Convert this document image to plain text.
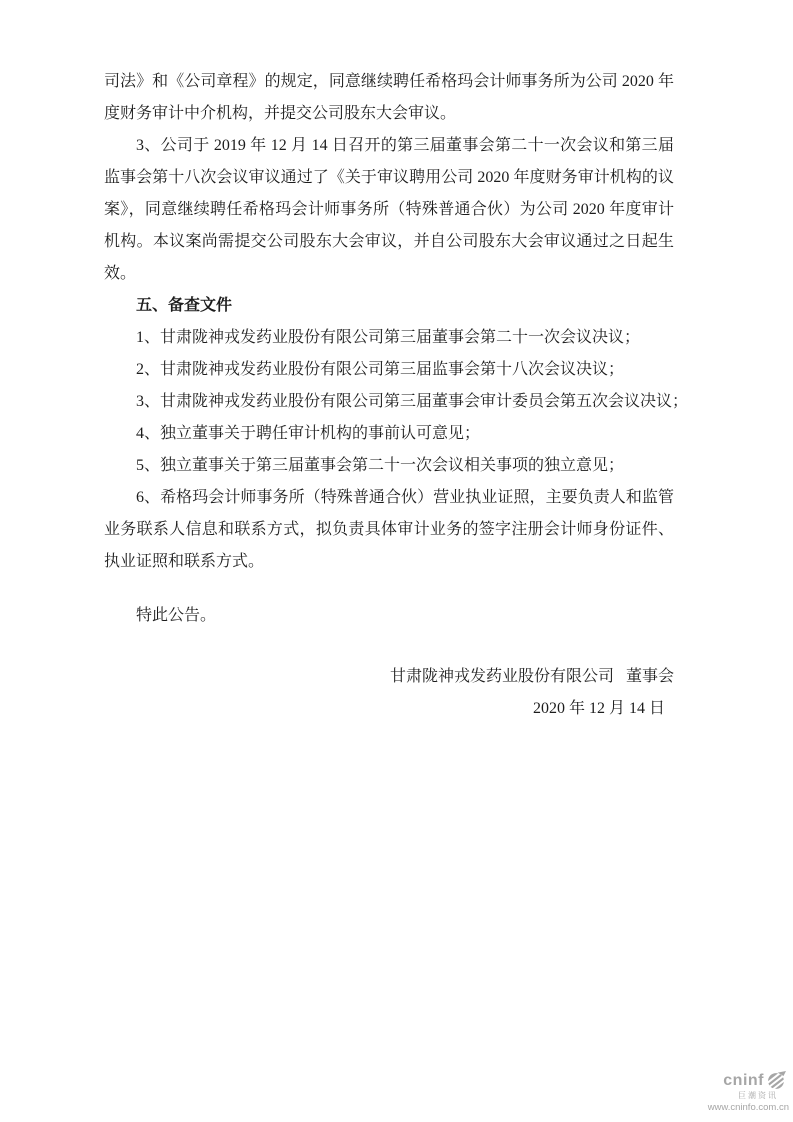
司法》和《公司章程》的规定，同意继续聘任希格玛会计师事务所为公司 2020 年
度财务审计中介机构，并提交公司股东大会审议。
3、公司于 2019 年 12 月 14 日召开的第三届董事会第二十一次会议和第三届
监事会第十八次会议审议通过了《关于审议聘用公司 2020 年度财务审计机构的议
案》，同意继续聘任希格玛会计师事务所（特殊普通合伙）为公司 2020 年度审计
机构。本议案尚需提交公司股东大会审议，并自公司股东大会审议通过之日起生
效。
五、备查文件
1、甘肃陇神戎发药业股份有限公司第三届董事会第二十一次会议决议；
2、甘肃陇神戎发药业股份有限公司第三届监事会第十八次会议决议；
3、甘肃陇神戎发药业股份有限公司第三届董事会审计委员会第五次会议决议；
4、独立董事关于聘任审计机构的事前认可意见；
5、独立董事关于第三届董事会第二十一次会议相关事项的独立意见；
6、希格玛会计师事务所（特殊普通合伙）营业执业证照，主要负责人和监管
业务联系人信息和联系方式，拟负责具体审计业务的签字注册会计师身份证件、
执业证照和联系方式。
特此公告。
甘肃陇神戎发药业股份有限公司 董事会
2020 年 12 月 14 日
cninf
巨潮资讯
www.cninfo.com.cn
